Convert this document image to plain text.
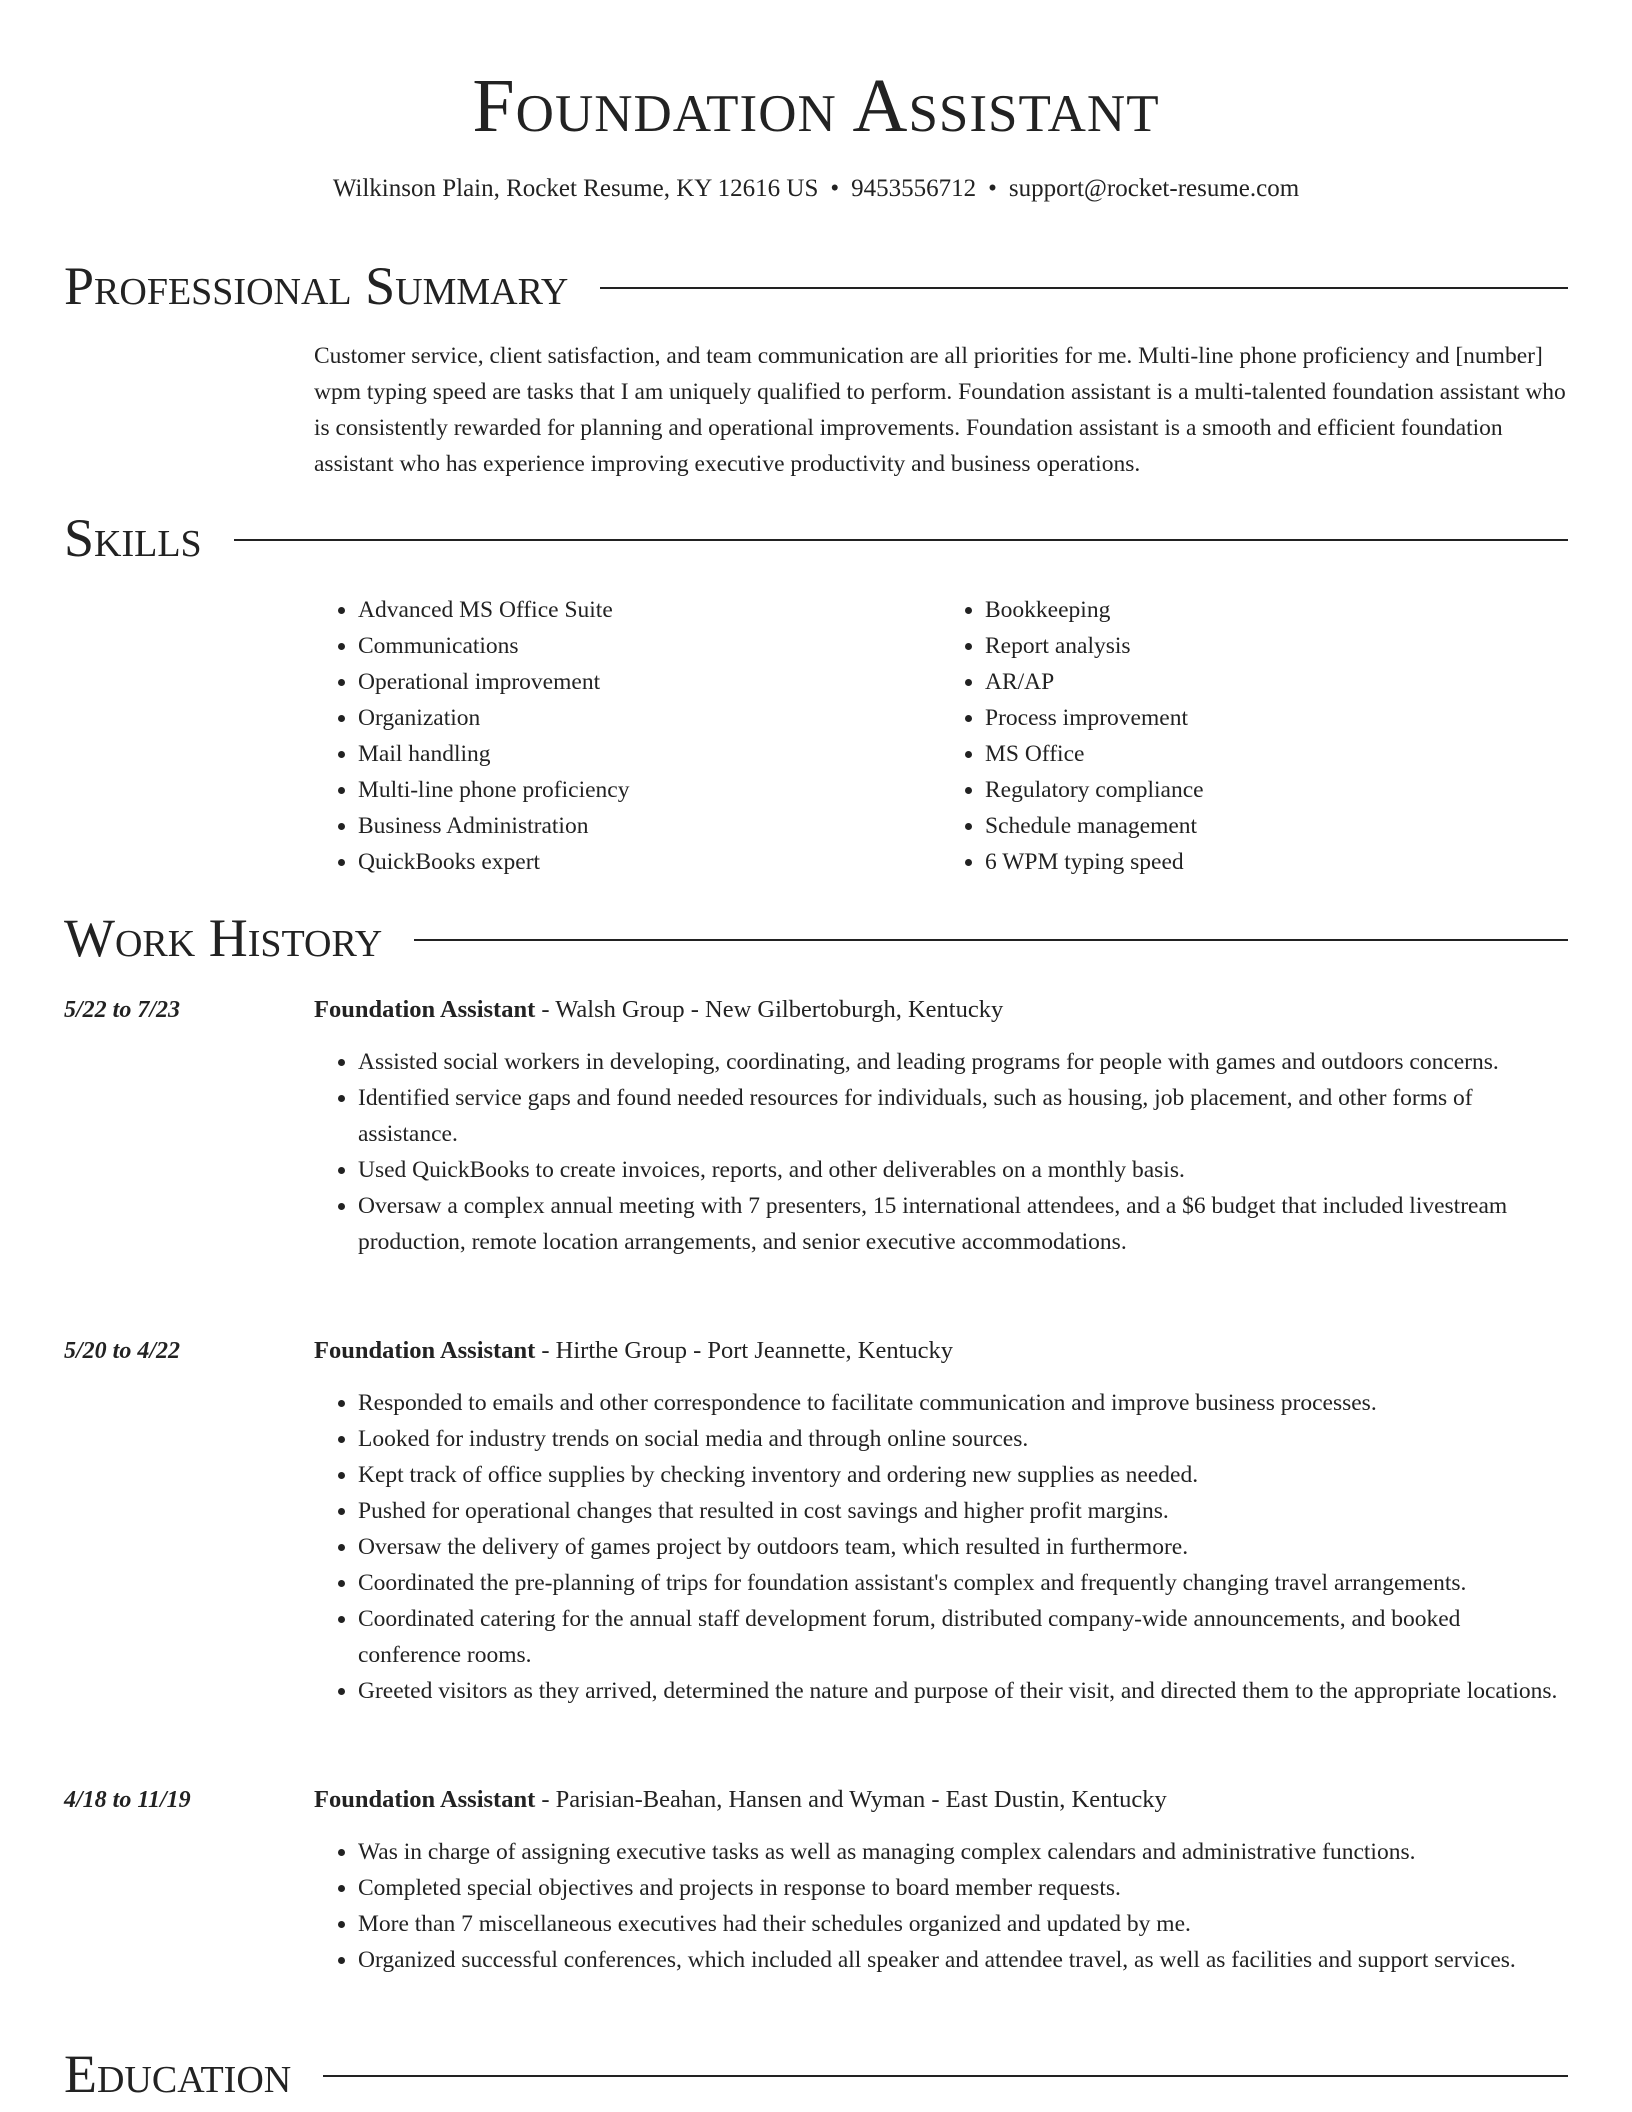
Foundation Assistant
Wilkinson Plain, Rocket Resume, KY 12616 US • 9453556712 • support@rocket-resume.com
Professional Summary

Customer service, client satisfaction, and team communication are all priorities for me. Multi-line phone proficiency and [number] wpm typing speed are tasks that I am uniquely qualified to perform. Foundation assistant is a multi-talented foundation assistant who is consistently rewarded for planning and operational improvements. Foundation assistant is a smooth and efficient foundation assistant who has experience improving executive productivity and business operations.

Skills
• Advanced MS Office Suite
• Communications
• Operational improvement
• Organization
• Mail handling
• Multi-line phone proficiency
• Business Administration
• QuickBooks expert
• Bookkeeping
• Report analysis
• AR/AP
• Process improvement
• MS Office
• Regulatory compliance
• Schedule management
• 6 WPM typing speed
Work History
5/22 to 7/23	Foundation Assistant - Walsh Group - New Gilbertoburgh, Kentucky
• Assisted social workers in developing, coordinating, and leading programs for people with games and outdoors concerns.
• Identified service gaps and found needed resources for individuals, such as housing, job placement, and other forms of assistance.
• Used QuickBooks to create invoices, reports, and other deliverables on a monthly basis.
• Oversaw a complex annual meeting with 7 presenters, 15 international attendees, and a $6 budget that included livestream production, remote location arrangements, and senior executive accommodations.
5/20 to 4/22	Foundation Assistant - Hirthe Group - Port Jeannette, Kentucky
• Responded to emails and other correspondence to facilitate communication and improve business processes.
• Looked for industry trends on social media and through online sources.
• Kept track of office supplies by checking inventory and ordering new supplies as needed.
• Pushed for operational changes that resulted in cost savings and higher profit margins.
• Oversaw the delivery of games project by outdoors team, which resulted in furthermore.
• Coordinated the pre-planning of trips for foundation assistant's complex and frequently changing travel arrangements.
• Coordinated catering for the annual staff development forum, distributed company-wide announcements, and booked conference rooms.
• Greeted visitors as they arrived, determined the nature and purpose of their visit, and directed them to the appropriate locations.
4/18 to 11/19	Foundation Assistant - Parisian-Beahan, Hansen and Wyman - East Dustin, Kentucky
• Was in charge of assigning executive tasks as well as managing complex calendars and administrative functions.
• Completed special objectives and projects in response to board member requests.
• More than 7 miscellaneous executives had their schedules organized and updated by me.
• Organized successful conferences, which included all speaker and attendee travel, as well as facilities and support services.
Education
